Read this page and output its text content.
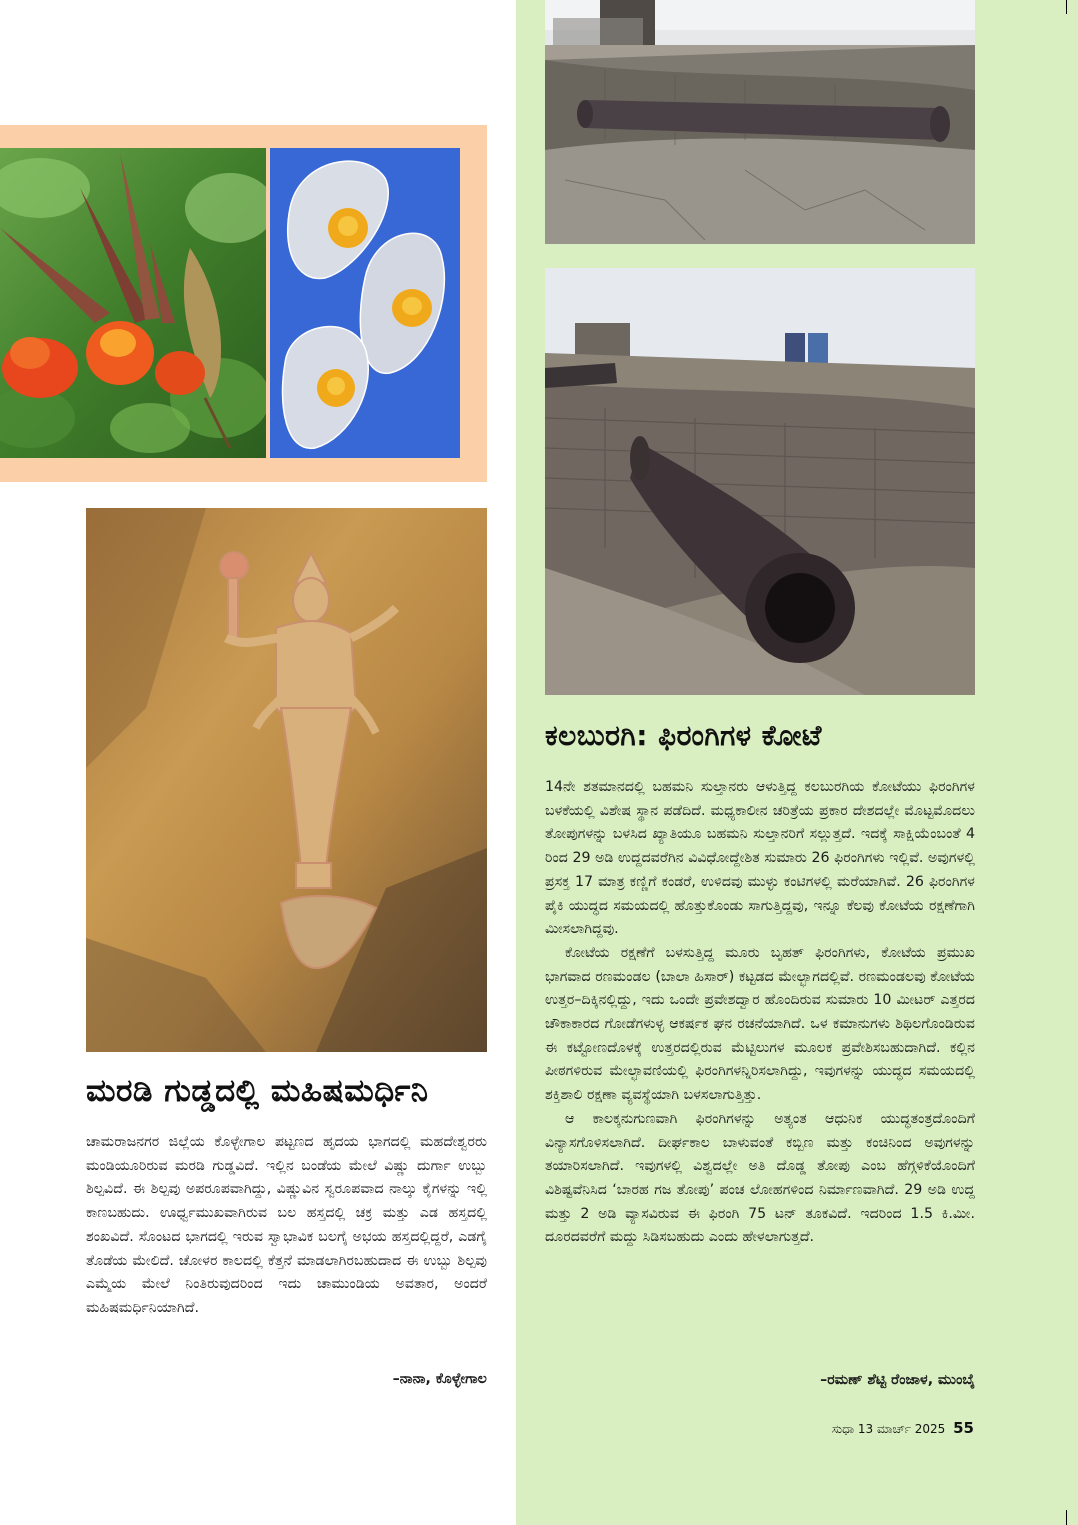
ಮರಡಿ ಗುಡ್ಡದಲ್ಲಿ ಮಹಿಷಮರ್ಧಿನಿ

ಚಾಮರಾಜನಗರ ಜಿಲ್ಲೆಯ ಕೊಳ್ಳೇಗಾಲ ಪಟ್ಟಣದ ಹೃದಯ ಭಾಗದಲ್ಲಿ ಮಹದೇಶ್ವರರು ಮಂಡಿಯೂರಿರುವ ಮರಡಿ ಗುಡ್ಡವಿದೆ. ಇಲ್ಲಿನ ಬಂಡೆಯ ಮೇಲೆ ವಿಷ್ಣು ದುರ್ಗಾ ಉಬ್ಬು ಶಿಲ್ಪವಿದೆ. ಈ ಶಿಲ್ಪವು ಅಪರೂಪವಾಗಿದ್ದು, ವಿಷ್ಣುವಿನ ಸ್ವರೂಪವಾದ ನಾಲ್ಕು ಕೈಗಳನ್ನು ಇಲ್ಲಿ ಕಾಣಬಹುದು. ಊರ್ಧ್ವಮುಖವಾಗಿರುವ ಬಲ ಹಸ್ತದಲ್ಲಿ ಚಕ್ರ ಮತ್ತು ಎಡ ಹಸ್ತದಲ್ಲಿ ಶಂಖವಿದೆ. ಸೊಂಟದ ಭಾಗದಲ್ಲಿ ಇರುವ ಸ್ವಾಭಾವಿಕ ಬಲಗೈ ಅಭಯ ಹಸ್ತದಲ್ಲಿದ್ದರೆ, ಎಡಗೈ ತೊಡೆಯ ಮೇಲಿದೆ. ಚೋಳರ ಕಾಲದಲ್ಲಿ ಕೆತ್ತನೆ ಮಾಡಲಾಗಿರಬಹುದಾದ ಈ ಉಬ್ಬು ಶಿಲ್ಪವು ಎಮ್ಮೆಯ ಮೇಲೆ ನಿಂತಿರುವುದರಿಂದ ಇದು ಚಾಮುಂಡಿಯ ಅವತಾರ, ಅಂದರೆ ಮಹಿಷಮರ್ಧಿನಿಯಾಗಿದೆ.

–ನಾನಾ, ಕೊಳ್ಳೇಗಾಲ
ಕಲಬುರಗಿ: ಫಿರಂಗಿಗಳ ಕೋಟೆ

14ನೇ ಶತಮಾನದಲ್ಲಿ ಬಹಮನಿ ಸುಲ್ತಾನರು ಆಳುತ್ತಿದ್ದ ಕಲಬುರಗಿಯ ಕೋಟೆಯು ಫಿರಂಗಿಗಳ ಬಳಕೆಯಲ್ಲಿ ವಿಶೇಷ ಸ್ಥಾನ ಪಡೆದಿದೆ. ಮಧ್ಯಕಾಲೀನ ಚರಿತ್ರೆಯ ಪ್ರಕಾರ ದೇಶದಲ್ಲೇ ಮೊಟ್ಟಮೊದಲು ತೋಪುಗಳನ್ನು ಬಳಸಿದ ಖ್ಯಾತಿಯೂ ಬಹಮನಿ ಸುಲ್ತಾನರಿಗೆ ಸಲ್ಲುತ್ತದೆ. ಇದಕ್ಕೆ ಸಾಕ್ಷಿಯೆಂಬಂತೆ 4 ರಿಂದ 29 ಅಡಿ ಉದ್ದದವರೆಗಿನ ವಿವಿಧೋದ್ದೇಶಿತ ಸುಮಾರು 26 ಫಿರಂಗಿಗಳು ಇಲ್ಲಿವೆ. ಅವುಗಳಲ್ಲಿ ಪ್ರಸಕ್ತ 17 ಮಾತ್ರ ಕಣ್ಣಿಗೆ ಕಂಡರೆ, ಉಳಿದವು ಮುಳ್ಳು ಕಂಟಿಗಳಲ್ಲಿ ಮರೆಯಾಗಿವೆ. 26 ಫಿರಂಗಿಗಳ ಪೈಕಿ ಯುದ್ಧದ ಸಮಯದಲ್ಲಿ ಹೊತ್ತುಕೊಂಡು ಸಾಗುತ್ತಿದ್ದವು, ಇನ್ನೂ ಕೆಲವು ಕೋಟೆಯ ರಕ್ಷಣೆಗಾಗಿ ಮೀಸಲಾಗಿದ್ದವು.

ಕೋಟೆಯ ರಕ್ಷಣೆಗೆ ಬಳಸುತ್ತಿದ್ದ ಮೂರು ಬೃಹತ್ ಫಿರಂಗಿಗಳು, ಕೋಟೆಯ ಪ್ರಮುಖ ಭಾಗವಾದ ರಣಮಂಡಲ (ಬಾಲಾ ಹಿಸಾರ್) ಕಟ್ಟಡದ ಮೇಲ್ಭಾಗದಲ್ಲಿವೆ. ರಣಮಂಡಲವು ಕೋಟೆಯ ಉತ್ತರ–ದಿಕ್ಕಿನಲ್ಲಿದ್ದು, ಇದು ಒಂದೇ ಪ್ರವೇಶದ್ವಾರ ಹೊಂದಿರುವ ಸುಮಾರು 10 ಮೀಟರ್ ಎತ್ತರದ ಚೌಕಾಕಾರದ ಗೋಡೆಗಳುಳ್ಳ ಆಕರ್ಷಕ ಘನ ರಚನೆಯಾಗಿದೆ. ಒಳ ಕಮಾನುಗಳು ಶಿಥಿಲಗೊಂಡಿರುವ ಈ ಕಟ್ಟೋಣದೊಳಕ್ಕೆ ಉತ್ತರದಲ್ಲಿರುವ ಮೆಟ್ಟಿಲುಗಳ ಮೂಲಕ ಪ್ರವೇಶಿಸಬಹುದಾಗಿದೆ. ಕಲ್ಲಿನ ಪೀಠಗಳಿರುವ ಮೇಲ್ಛಾವಣಿಯಲ್ಲಿ ಫಿರಂಗಿಗಳನ್ನಿರಿಸಲಾಗಿದ್ದು, ಇವುಗಳನ್ನು ಯುದ್ಧದ ಸಮಯದಲ್ಲಿ ಶಕ್ತಿಶಾಲಿ ರಕ್ಷಣಾ ವ್ಯವಸ್ಥೆಯಾಗಿ ಬಳಸಲಾಗುತ್ತಿತ್ತು.

ಆ ಕಾಲಕ್ಕನುಗುಣವಾಗಿ ಫಿರಂಗಿಗಳನ್ನು ಅತ್ಯಂತ ಆಧುನಿಕ ಯುದ್ಧತಂತ್ರದೊಂದಿಗೆ ವಿನ್ಯಾಸಗೊಳಿಸಲಾಗಿದೆ. ದೀರ್ಘಕಾಲ ಬಾಳುವಂತೆ ಕಬ್ಬಿಣ ಮತ್ತು ಕಂಚಿನಿಂದ ಅವುಗಳನ್ನು ತಯಾರಿಸಲಾಗಿದೆ. ಇವುಗಳಲ್ಲಿ ವಿಶ್ವದಲ್ಲೇ ಅತಿ ದೊಡ್ಡ ತೋಪು ಎಂಬ ಹೆಗ್ಗಳಿಕೆಯೊಂದಿಗೆ ವಿಶಿಷ್ಟವೆನಿಸಿದ ‘ಬಾರಹ ಗಜ ತೋಪು’ ಪಂಚ ಲೋಹಗಳಿಂದ ನಿರ್ಮಾಣವಾಗಿದೆ. 29 ಅಡಿ ಉದ್ದ ಮತ್ತು 2 ಅಡಿ ವ್ಯಾಸವಿರುವ ಈ ಫಿರಂಗಿ 75 ಟನ್ ತೂಕವಿದೆ. ಇದರಿಂದ 1.5 ಕಿ.ಮೀ. ದೂರದವರೆಗೆ ಮದ್ದು ಸಿಡಿಸಬಹುದು ಎಂದು ಹೇಳಲಾಗುತ್ತದೆ.

–ರಮಣ್ ಶೆಟ್ಟಿ ರೆಂಜಾಳ, ಮುಂಬೈ
ಸುಧಾ 13 ಮಾರ್ಚ್ 2025 55
